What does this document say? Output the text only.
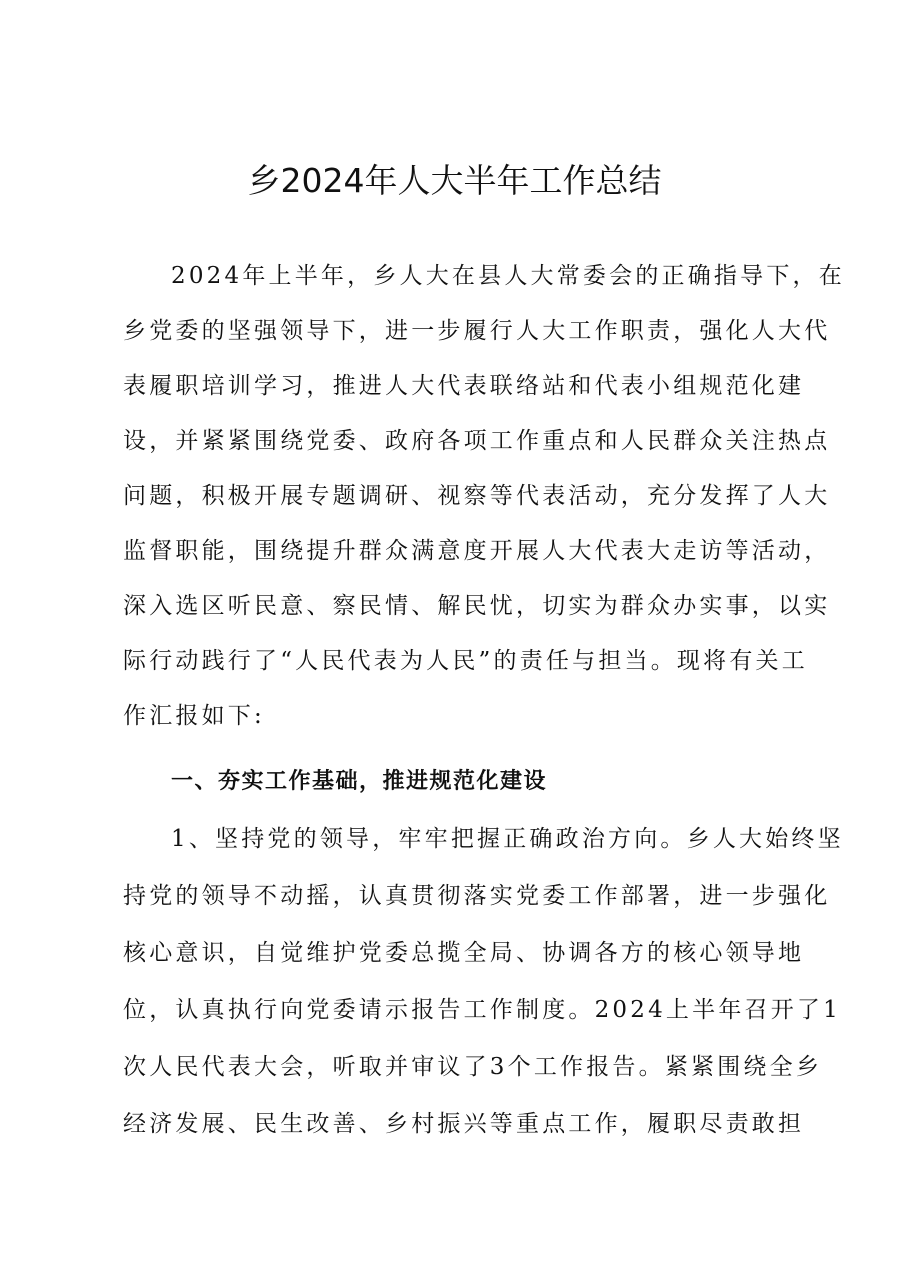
乡2024年人大半年工作总结
2024年上半年，乡人大在县人大常委会的正确指导下，在
乡党委的坚强领导下，进一步履行人大工作职责，强化人大代
表履职培训学习，推进人大代表联络站和代表小组规范化建
设，并紧紧围绕党委、政府各项工作重点和人民群众关注热点
问题，积极开展专题调研、视察等代表活动，充分发挥了人大
监督职能，围绕提升群众满意度开展人大代表大走访等活动，
深入选区听民意、察民情、解民忧，切实为群众办实事，以实
际行动践行了“人民代表为人民”的责任与担当。现将有关工
作汇报如下:
一、夯实工作基础，推进规范化建设
1、坚持党的领导，牢牢把握正确政治方向。乡人大始终坚
持党的领导不动摇，认真贯彻落实党委工作部署，进一步强化
核心意识，自觉维护党委总揽全局、协调各方的核心领导地
位，认真执行向党委请示报告工作制度。2024上半年召开了1
次人民代表大会，听取并审议了3个工作报告。紧紧围绕全乡
经济发展、民生改善、乡村振兴等重点工作，履职尽责敢担
